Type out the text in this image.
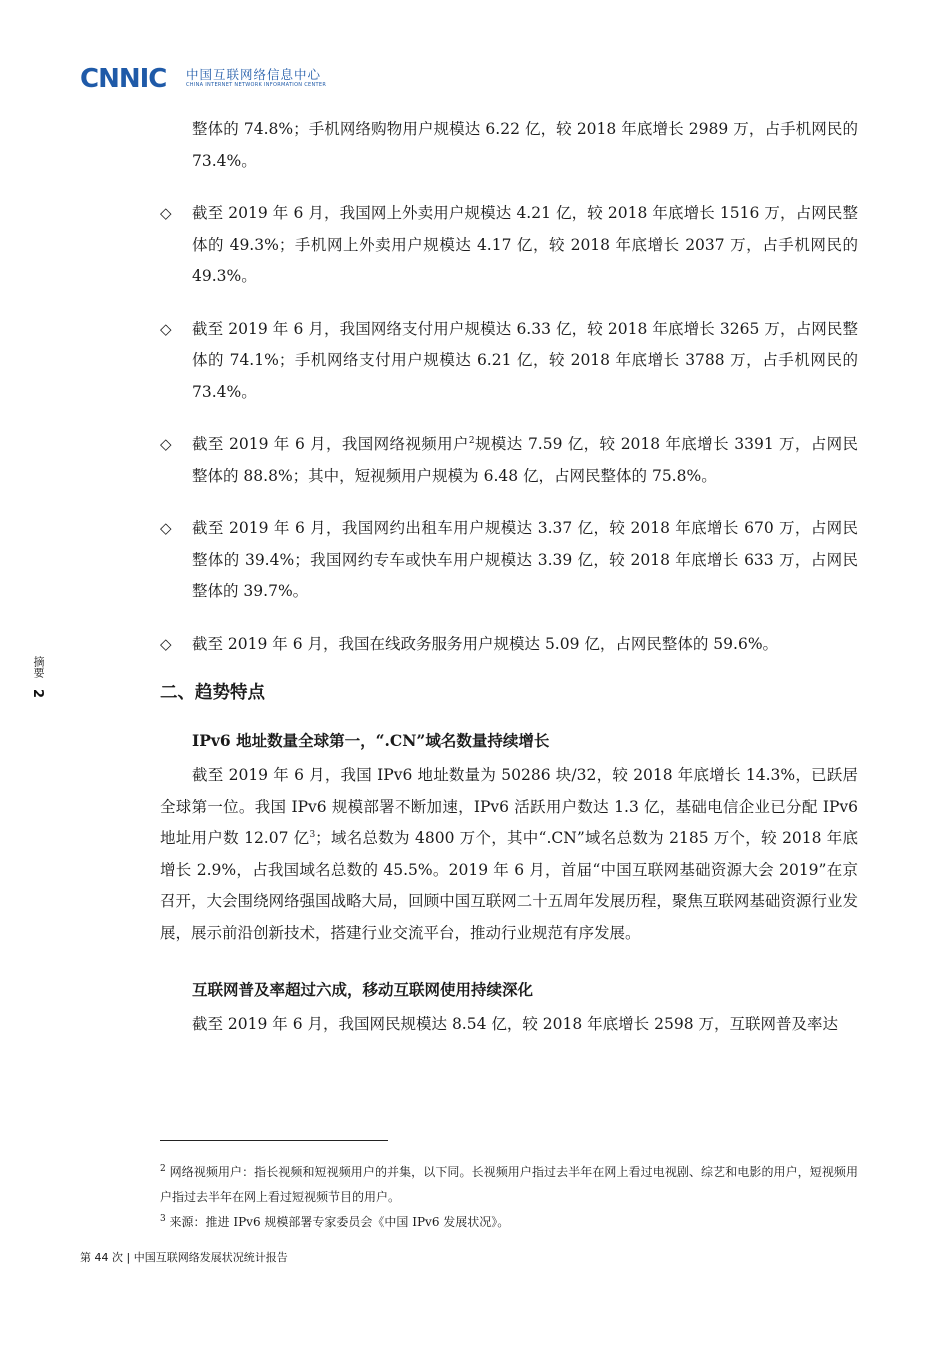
CNNIC 中国互联网络信息中心
CHINA INTERNET NETWORK INFORMATION CENTER
摘要
2

整体的 74.8%；手机网络购物用户规模达 6.22 亿，较 2018 年底增长 2989 万，占手机网民的 73.4%。

◇	截至 2019 年 6 月，我国网上外卖用户规模达 4.21 亿，较 2018 年底增长 1516 万，占网民整体的 49.3%；手机网上外卖用户规模达 4.17 亿，较 2018 年底增长 2037 万，占手机网民的 49.3%。
◇	截至 2019 年 6 月，我国网络支付用户规模达 6.33 亿，较 2018 年底增长 3265 万，占网民整体的 74.1%；手机网络支付用户规模达 6.21 亿，较 2018 年底增长 3788 万，占手机网民的 73.4%。
◇	截至 2019 年 6 月，我国网络视频用户$^2$规模达 7.59 亿，较 2018 年底增长 3391 万，占网民整体的 88.8%；其中，短视频用户规模为 6.48 亿，占网民整体的 75.8%。
◇	截至 2019 年 6 月，我国网约出租车用户规模达 3.37 亿，较 2018 年底增长 670 万，占网民整体的 39.4%；我国网约专车或快车用户规模达 3.39 亿，较 2018 年底增长 633 万，占网民整体的 39.7%。
◇	截至 2019 年 6 月，我国在线政务服务用户规模达 5.09 亿，占网民整体的 59.6%。
二、趋势特点
IPv6 地址数量全球第一，“.CN”域名数量持续增长

截至 2019 年 6 月，我国 IPv6 地址数量为 50286 块/32，较 2018 年底增长 14.3%，已跃居全球第一位。我国 IPv6 规模部署不断加速，IPv6 活跃用户数达 1.3 亿，基础电信企业已分配 IPv6 地址用户数 12.07 亿$^3$；域名总数为 4800 万个，其中“.CN”域名总数为 2185 万个，较 2018 年底增长 2.9%，占我国域名总数的 45.5%。2019 年 6 月，首届“中国互联网基础资源大会 2019”在京召开，大会围绕网络强国战略大局，回顾中国互联网二十五周年发展历程，聚焦互联网基础资源行业发展，展示前沿创新技术，搭建行业交流平台，推动行业规范有序发展。

互联网普及率超过六成，移动互联网使用持续深化

截至 2019 年 6 月，我国网民规模达 8.54 亿，较 2018 年底增长 2598 万，互联网普及率达

$^2$ 网络视频用户：指长视频和短视频用户的并集，以下同。长视频用户指过去半年在网上看过电视剧、综艺和电影的用户，短视频用户指过去半年在网上看过短视频节目的用户。

$^3$ 来源：推进 IPv6 规模部署专家委员会《中国 IPv6 发展状况》。

第 44 次 | 中国互联网络发展状况统计报告
